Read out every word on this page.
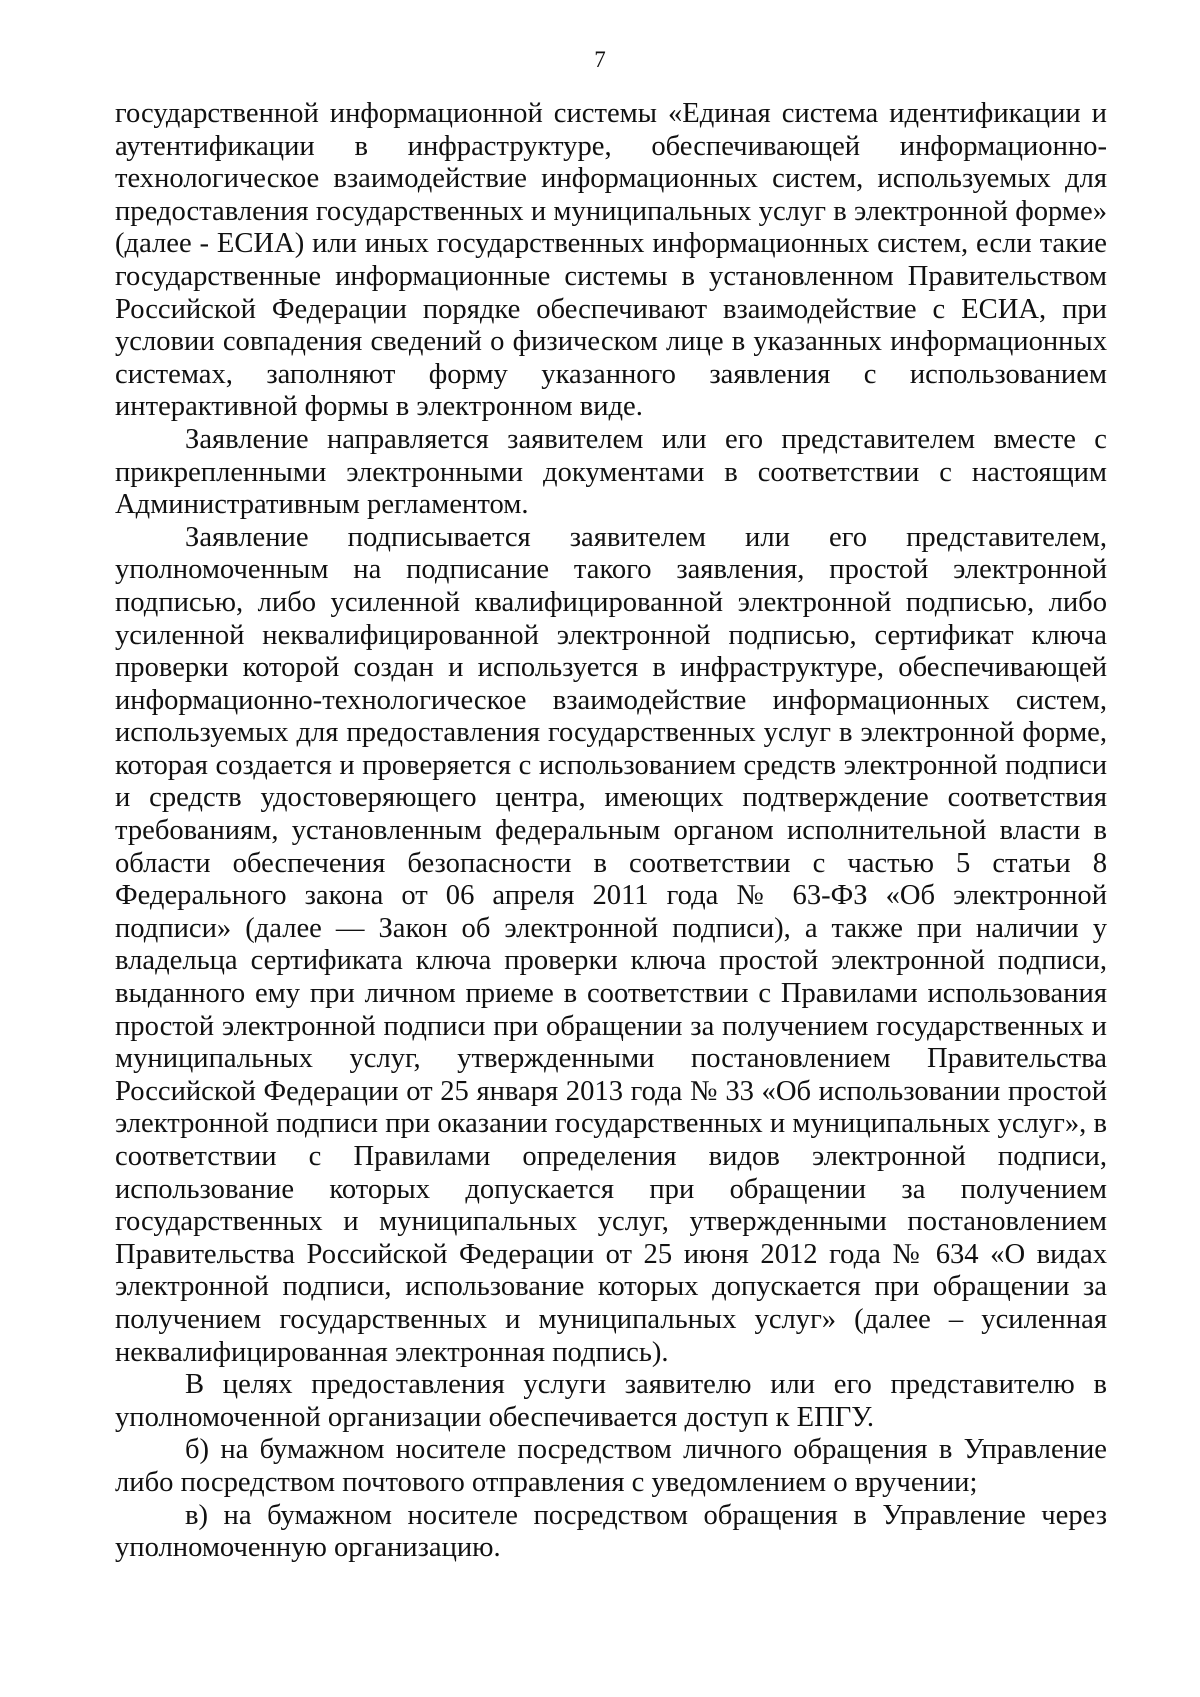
7

государственной информационной системы «Единая система идентификации и аутентификации в инфраструктуре, обеспечивающей информационно-технологическое взаимодействие информационных систем, используемых для предоставления государственных и муниципальных услуг в электронной форме» (далее - ЕСИА) или иных государственных информационных систем, если такие государственные информационные системы в установленном Правительством Российской Федерации порядке обеспечивают взаимодействие с ЕСИА, при условии совпадения сведений о физическом лице в указанных информационных системах, заполняют форму указанного заявления с использованием интерактивной формы в электронном виде.

Заявление направляется заявителем или его представителем вместе с прикрепленными электронными документами в соответствии с настоящим Административным регламентом.

Заявление подписывается заявителем или его представителем, уполномоченным на подписание такого заявления, простой электронной подписью, либо усиленной квалифицированной электронной подписью, либо усиленной неквалифицированной электронной подписью, сертификат ключа проверки которой создан и используется в инфраструктуре, обеспечивающей информационно-технологическое взаимодействие информационных систем, используемых для предоставления государственных услуг в электронной форме, которая создается и проверяется с использованием средств электронной подписи и средств удостоверяющего центра, имеющих подтверждение соответствия требованиям, установленным федеральным органом исполнительной власти в области обеспечения безопасности в соответствии с частью 5 статьи 8 Федерального закона от 06 апреля 2011 года № 63-ФЗ «Об электронной подписи» (далее — Закон об электронной подписи), а также при наличии у владельца сертификата ключа проверки ключа простой электронной подписи, выданного ему при личном приеме в соответствии с Правилами использования простой электронной подписи при обращении за получением государственных и муниципальных услуг, утвержденными постановлением Правительства Российской Федерации от 25 января 2013 года № 33 «Об использовании простой электронной подписи при оказании государственных и муниципальных услуг», в соответствии с Правилами определения видов электронной подписи, использование которых допускается при обращении за получением государственных и муниципальных услуг, утвержденными постановлением Правительства Российской Федерации от 25 июня 2012 года № 634 «О видах электронной подписи, использование которых допускается при обращении за получением государственных и муниципальных услуг» (далее – усиленная неквалифицированная электронная подпись).

В целях предоставления услуги заявителю или его представителю в уполномоченной организации обеспечивается доступ к ЕПГУ.

б) на бумажном носителе посредством личного обращения в Управление либо посредством почтового отправления с уведомлением о вручении;

в) на бумажном носителе посредством обращения в Управление через уполномоченную организацию.
